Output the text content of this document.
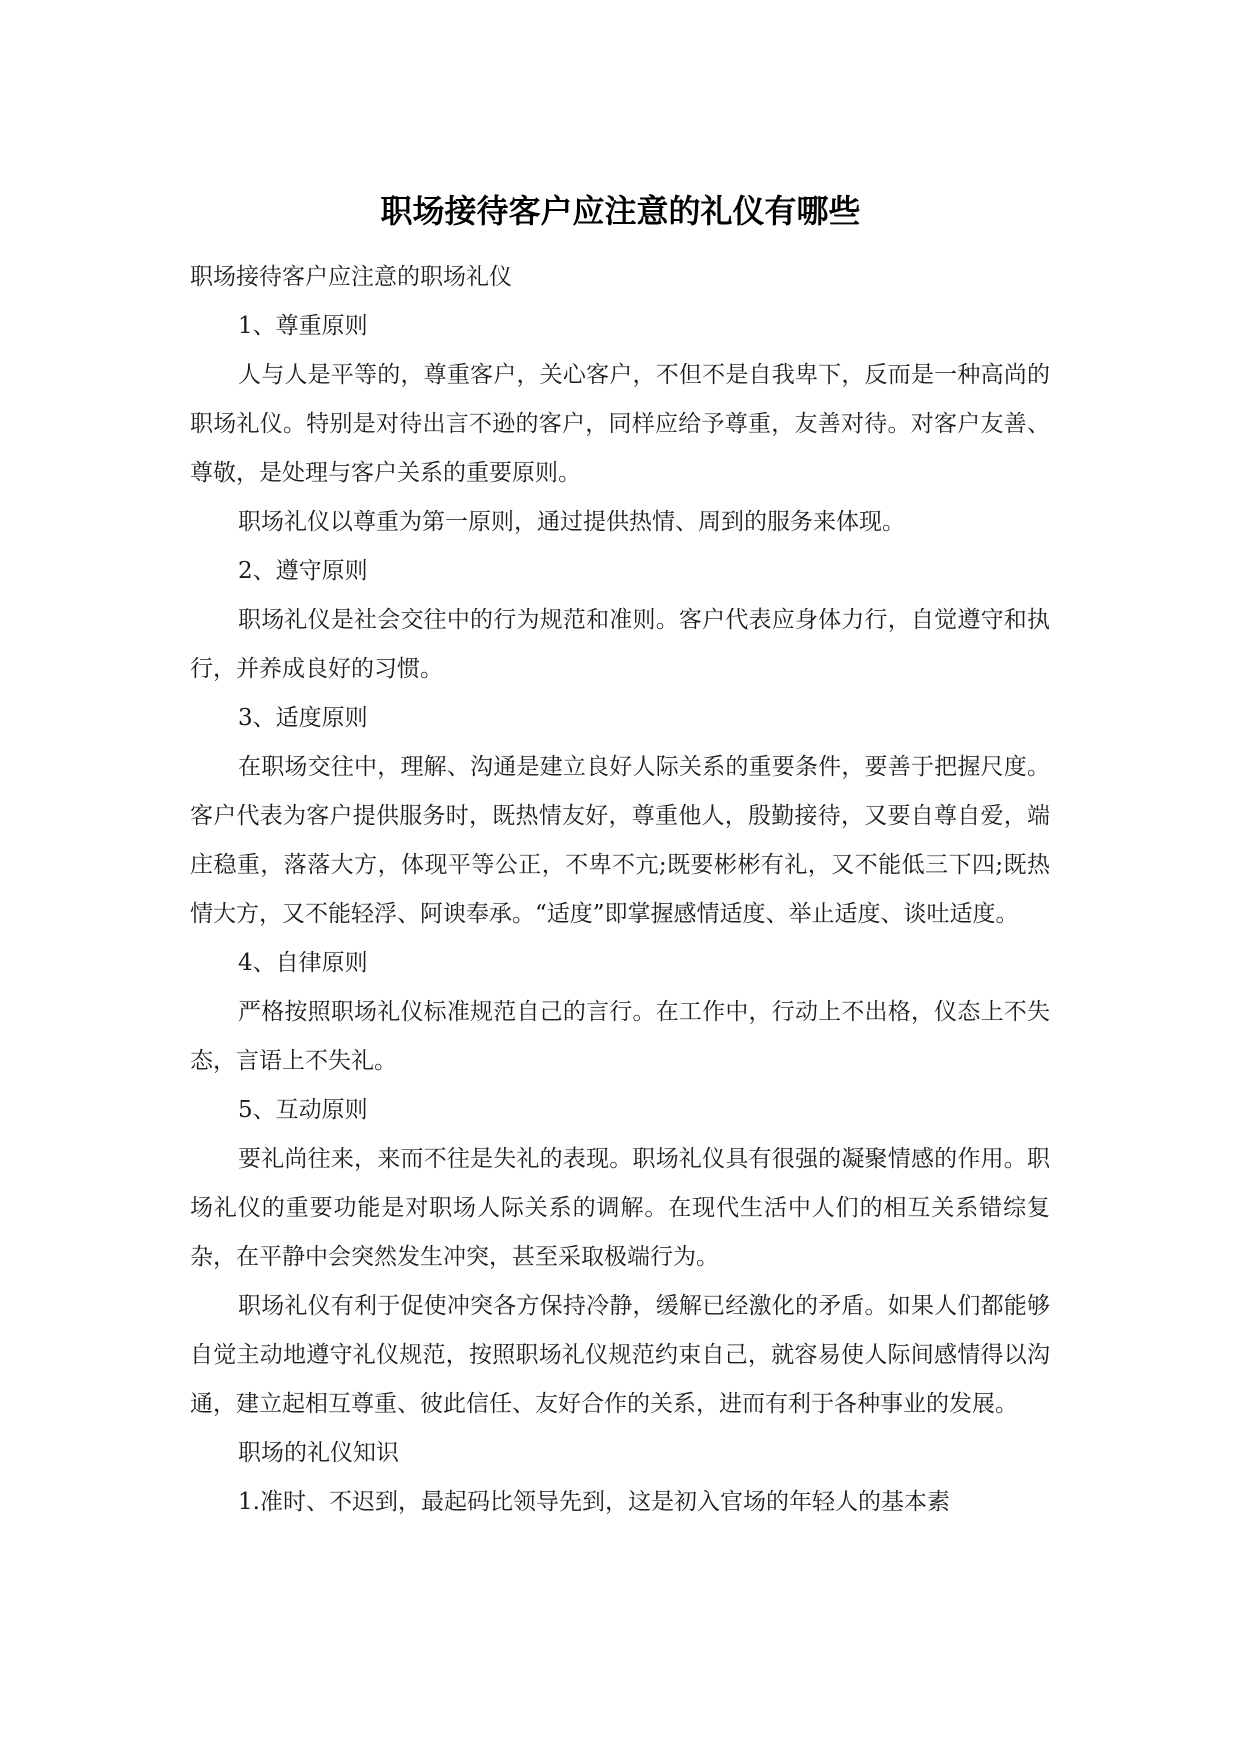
职场接待客户应注意的礼仪有哪些

职场接待客户应注意的职场礼仪

1、尊重原则

人与人是平等的，尊重客户，关心客户，不但不是自我卑下，反而是一种高尚的职场礼仪。特别是对待出言不逊的客户，同样应给予尊重，友善对待。对客户友善、尊敬，是处理与客户关系的重要原则。

职场礼仪以尊重为第一原则，通过提供热情、周到的服务来体现。

2、遵守原则

职场礼仪是社会交往中的行为规范和准则。客户代表应身体力行，自觉遵守和执行，并养成良好的习惯。

3、适度原则

在职场交往中，理解、沟通是建立良好人际关系的重要条件，要善于把握尺度。客户代表为客户提供服务时，既热情友好，尊重他人，殷勤接待，又要自尊自爱，端庄稳重，落落大方，体现平等公正，不卑不亢;既要彬彬有礼，又不能低三下四;既热情大方，又不能轻浮、阿谀奉承。“适度”即掌握感情适度、举止适度、谈吐适度。

4、自律原则

严格按照职场礼仪标准规范自己的言行。在工作中，行动上不出格，仪态上不失态，言语上不失礼。

5、互动原则

要礼尚往来，来而不往是失礼的表现。职场礼仪具有很强的凝聚情感的作用。职场礼仪的重要功能是对职场人际关系的调解。在现代生活中人们的相互关系错综复杂，在平静中会突然发生冲突，甚至采取极端行为。

职场礼仪有利于促使冲突各方保持冷静，缓解已经激化的矛盾。如果人们都能够自觉主动地遵守礼仪规范，按照职场礼仪规范约束自己，就容易使人际间感情得以沟通，建立起相互尊重、彼此信任、友好合作的关系，进而有利于各种事业的发展。

职场的礼仪知识

1.准时、不迟到，最起码比领导先到，这是初入官场的年轻人的基本素
